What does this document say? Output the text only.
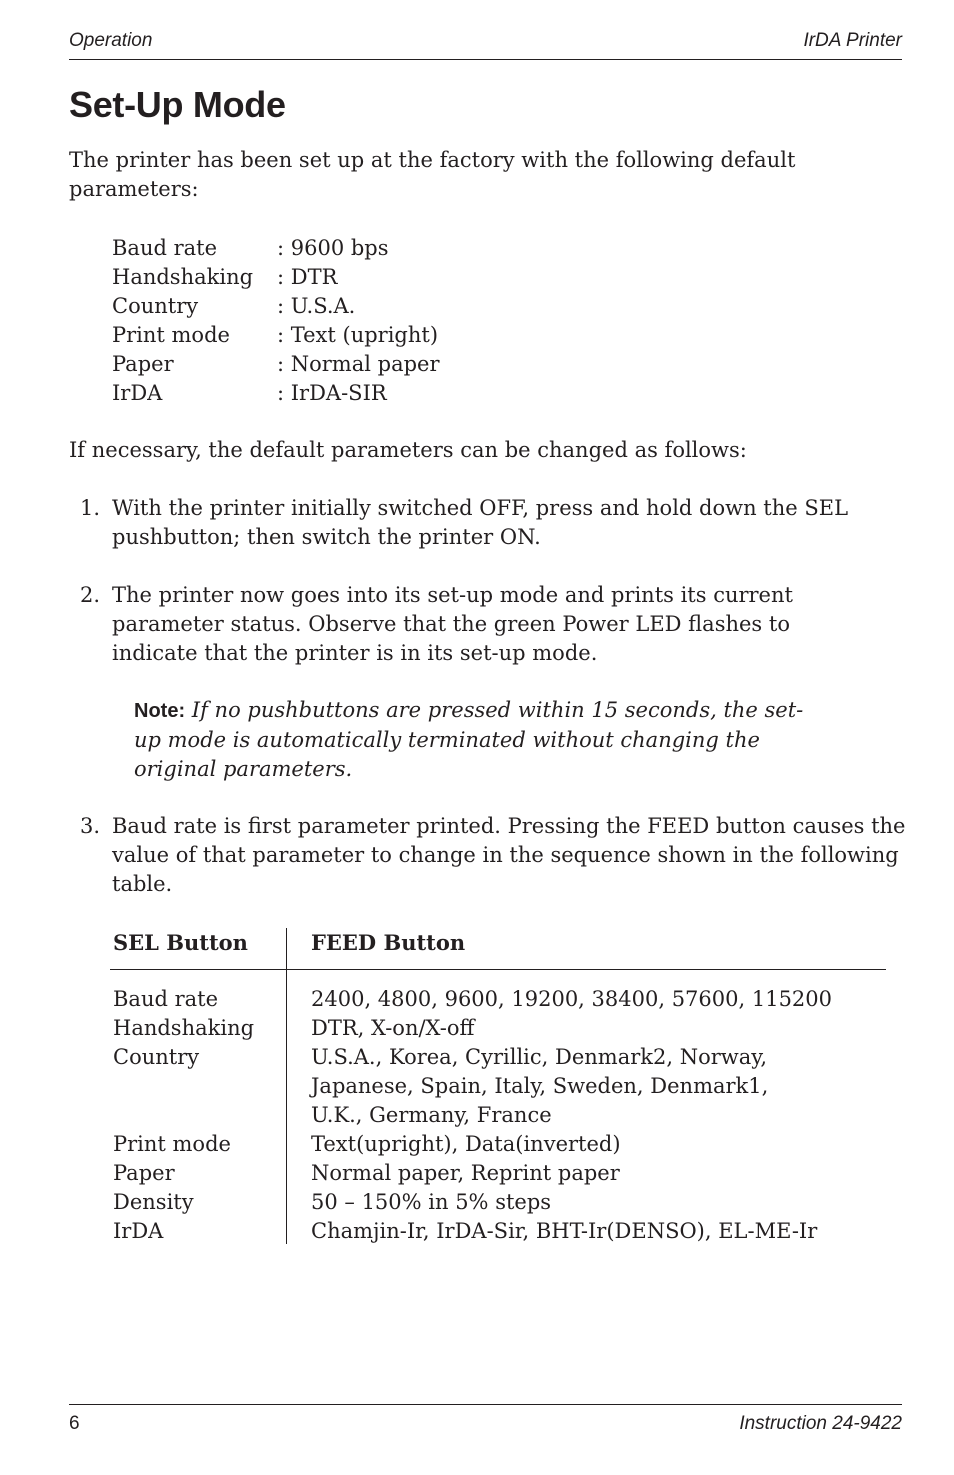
Operation	IrDA Printer
Set-Up Mode

The printer has been set up at the factory with the following default
parameters:

Baud rate	: 9600 bps
Handshaking	: DTR
Country	: U.S.A.
Print mode	: Text (upright)
Paper	: Normal paper
IrDA	: IrDA-SIR

If necessary, the default parameters can be changed as follows:

1. With the printer initially switched OFF, press and hold down the SEL pushbutton; then switch the printer ON.
2. The printer now goes into its set-up mode and prints its current parameter status. Observe that the green Power LED flashes to indicate that the printer is in its set-up mode.
Note: If no pushbuttons are pressed within 15 seconds, the set-up mode is automatically terminated without changing the original parameters.
3. Baud rate is first parameter printed. Pressing the FEED button causes the value of that parameter to change in the sequence shown in the following table.
SEL Button	FEED Button
Baud rate	2400, 4800, 9600, 19200, 38400, 57600, 115200
Handshaking	DTR, X-on/X-off
Country	U.S.A., Korea, Cyrillic, Denmark2, Norway,
Japanese, Spain, Italy, Sweden, Denmark1,
U.K., Germany, France
Print mode	Text(upright), Data(inverted)
Paper	Normal paper, Reprint paper
Density	50 – 150% in 5% steps
IrDA	Chamjin-Ir, IrDA-Sir, BHT-Ir(DENSO), EL-ME-Ir
6	Instruction 24-9422
